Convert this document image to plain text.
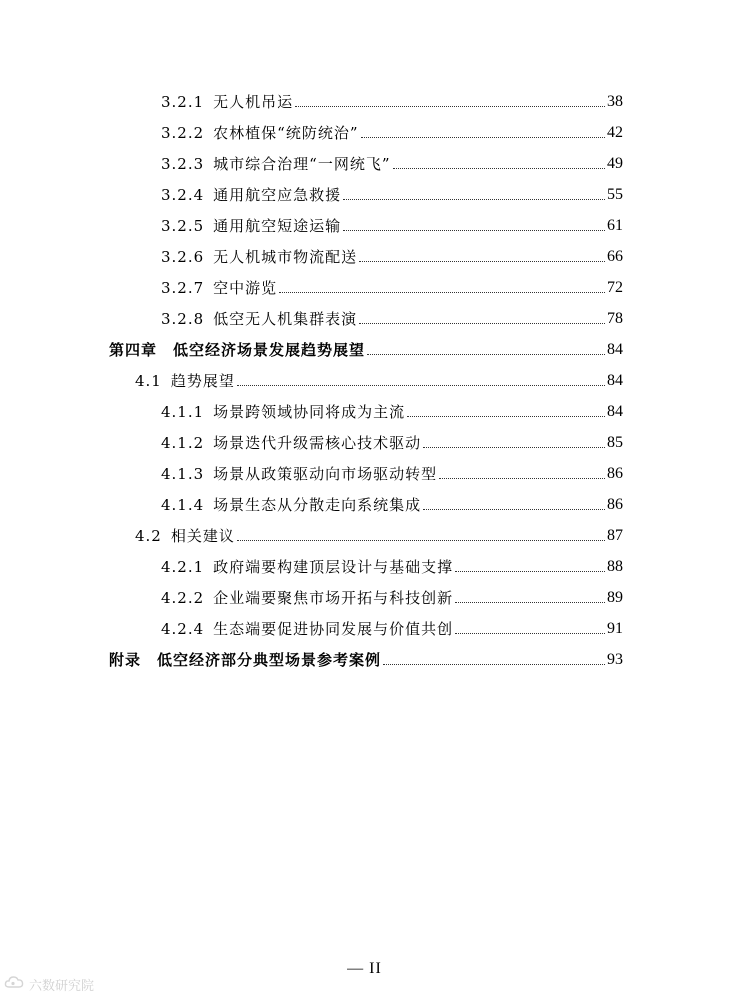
3.2.1 无人机吊运	38
3.2.2 农林植保“统防统治”	42
3.2.3 城市综合治理“一网统飞”	49
3.2.4 通用航空应急救援	55
3.2.5 通用航空短途运输	61
3.2.6 无人机城市物流配送	66
3.2.7 空中游览	72
3.2.8 低空无人机集群表演	78
第四章 低空经济场景发展趋势展望	84
4.1 趋势展望	84
4.1.1 场景跨领域协同将成为主流	84
4.1.2 场景迭代升级需核心技术驱动	85
4.1.3 场景从政策驱动向市场驱动转型	86
4.1.4 场景生态从分散走向系统集成	86
4.2 相关建议	87
4.2.1 政府端要构建顶层设计与基础支撑	88
4.2.2 企业端要聚焦市场开拓与科技创新	89
4.2.4 生态端要促进协同发展与价值共创	91
附录 低空经济部分典型场景参考案例	93
— II
六数研究院
